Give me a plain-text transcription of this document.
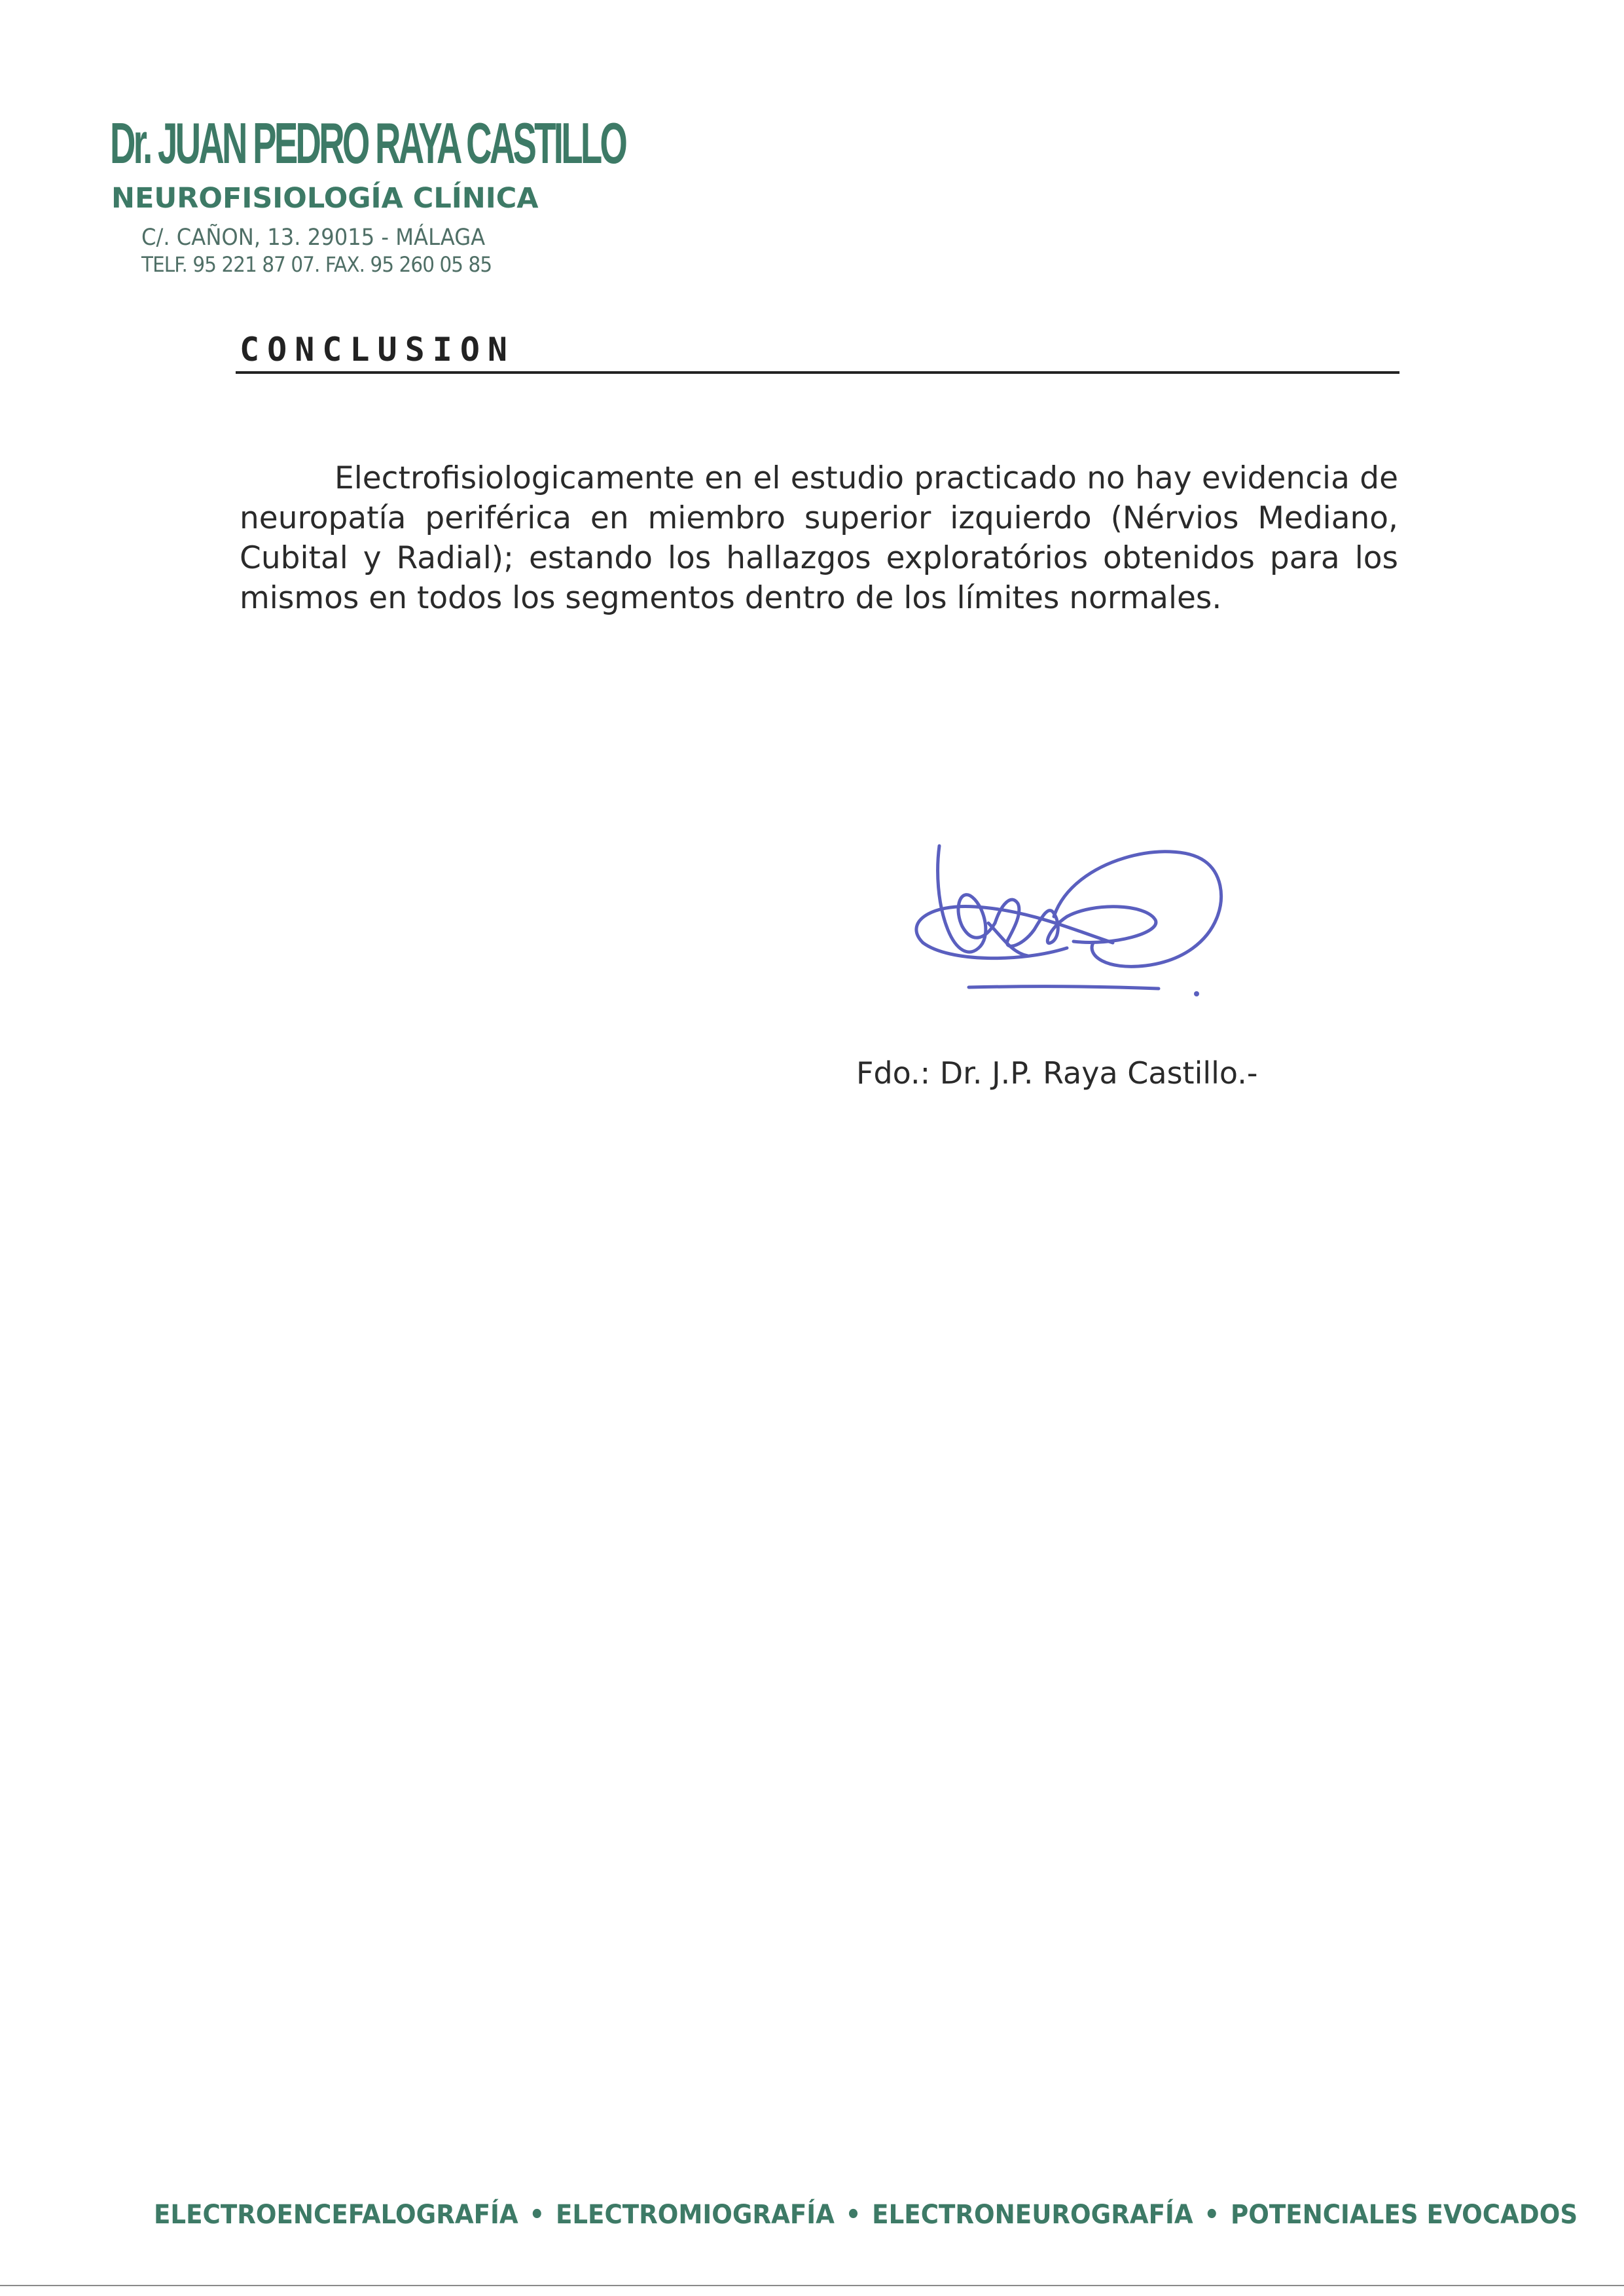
Dr. JUAN PEDRO RAYA CASTILLO
NEUROFISIOLOGÍA CLÍNICA
C/. CAÑON, 13. 29015 - MÁLAGA
TELF. 95 221 87 07. FAX. 95 260 05 85
CONCLUSION

Electrofisiologicamente en el estudio practicado no hay evidencia de neuropatía periférica en miembro superior izquierdo (Nérvios Mediano, Cubital y Radial); estando los hallazgos exploratórios obtenidos para los mismos en todos los segmentos dentro de los límites normales.

Fdo.: Dr. J.P. Raya Castillo.-
ELECTROENCEFALOGRAFÍA • ELECTROMIOGRAFÍA • ELECTRONEUROGRAFÍA • POTENCIALES EVOCADOS
